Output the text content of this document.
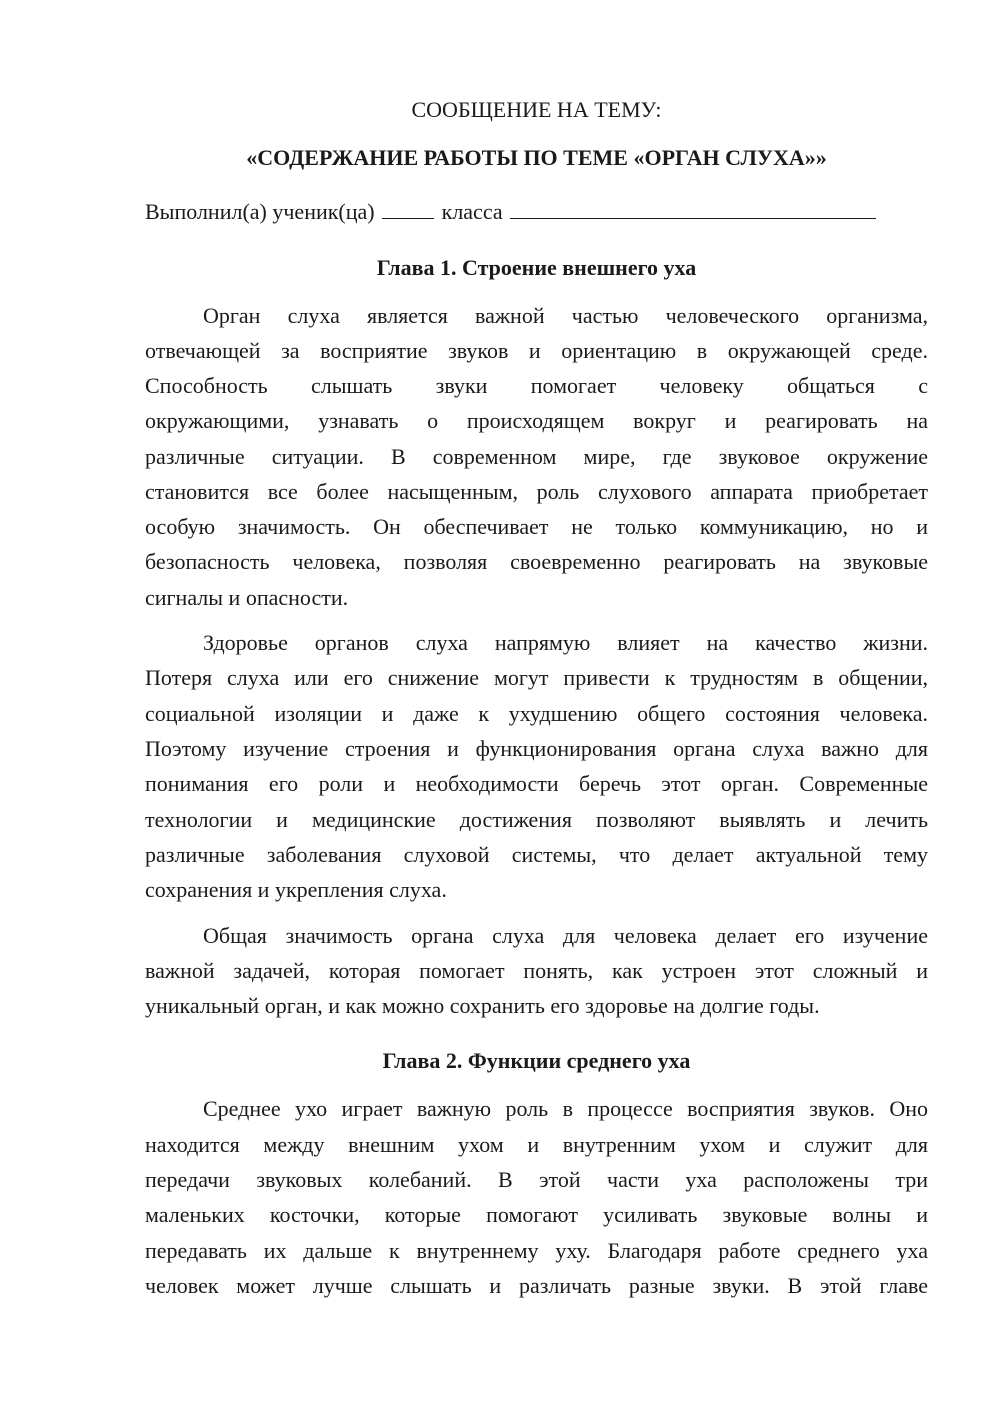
СООБЩЕНИЕ НА ТЕМУ:
«СОДЕРЖАНИЕ РАБОТЫ ПО ТЕМЕ «ОРГАН СЛУХА»»
Выполнил(а) ученик(ца)	класса
Глава 1. Строение внешнего уха
Орган слуха является важной частью человеческого организма,
отвечающей за восприятие звуков и ориентацию в окружающей среде.
Способность слышать звуки помогает человеку общаться с
окружающими, узнавать о происходящем вокруг и реагировать на
различные ситуации. В современном мире, где звуковое окружение
становится все более насыщенным, роль слухового аппарата приобретает
особую значимость. Он обеспечивает не только коммуникацию, но и
безопасность человека, позволяя своевременно реагировать на звуковые
сигналы и опасности.
Здоровье органов слуха напрямую влияет на качество жизни.
Потеря слуха или его снижение могут привести к трудностям в общении,
социальной изоляции и даже к ухудшению общего состояния человека.
Поэтому изучение строения и функционирования органа слуха важно для
понимания его роли и необходимости беречь этот орган. Современные
технологии и медицинские достижения позволяют выявлять и лечить
различные заболевания слуховой системы, что делает актуальной тему
сохранения и укрепления слуха.
Общая значимость органа слуха для человека делает его изучение
важной задачей, которая помогает понять, как устроен этот сложный и
уникальный орган, и как можно сохранить его здоровье на долгие годы.
Глава 2. Функции среднего уха
Среднее ухо играет важную роль в процессе восприятия звуков. Оно
находится между внешним ухом и внутренним ухом и служит для
передачи звуковых колебаний. В этой части уха расположены три
маленьких косточки, которые помогают усиливать звуковые волны и
передавать их дальше к внутреннему уху. Благодаря работе среднего уха
человек может лучше слышать и различать разные звуки. В этой главе
